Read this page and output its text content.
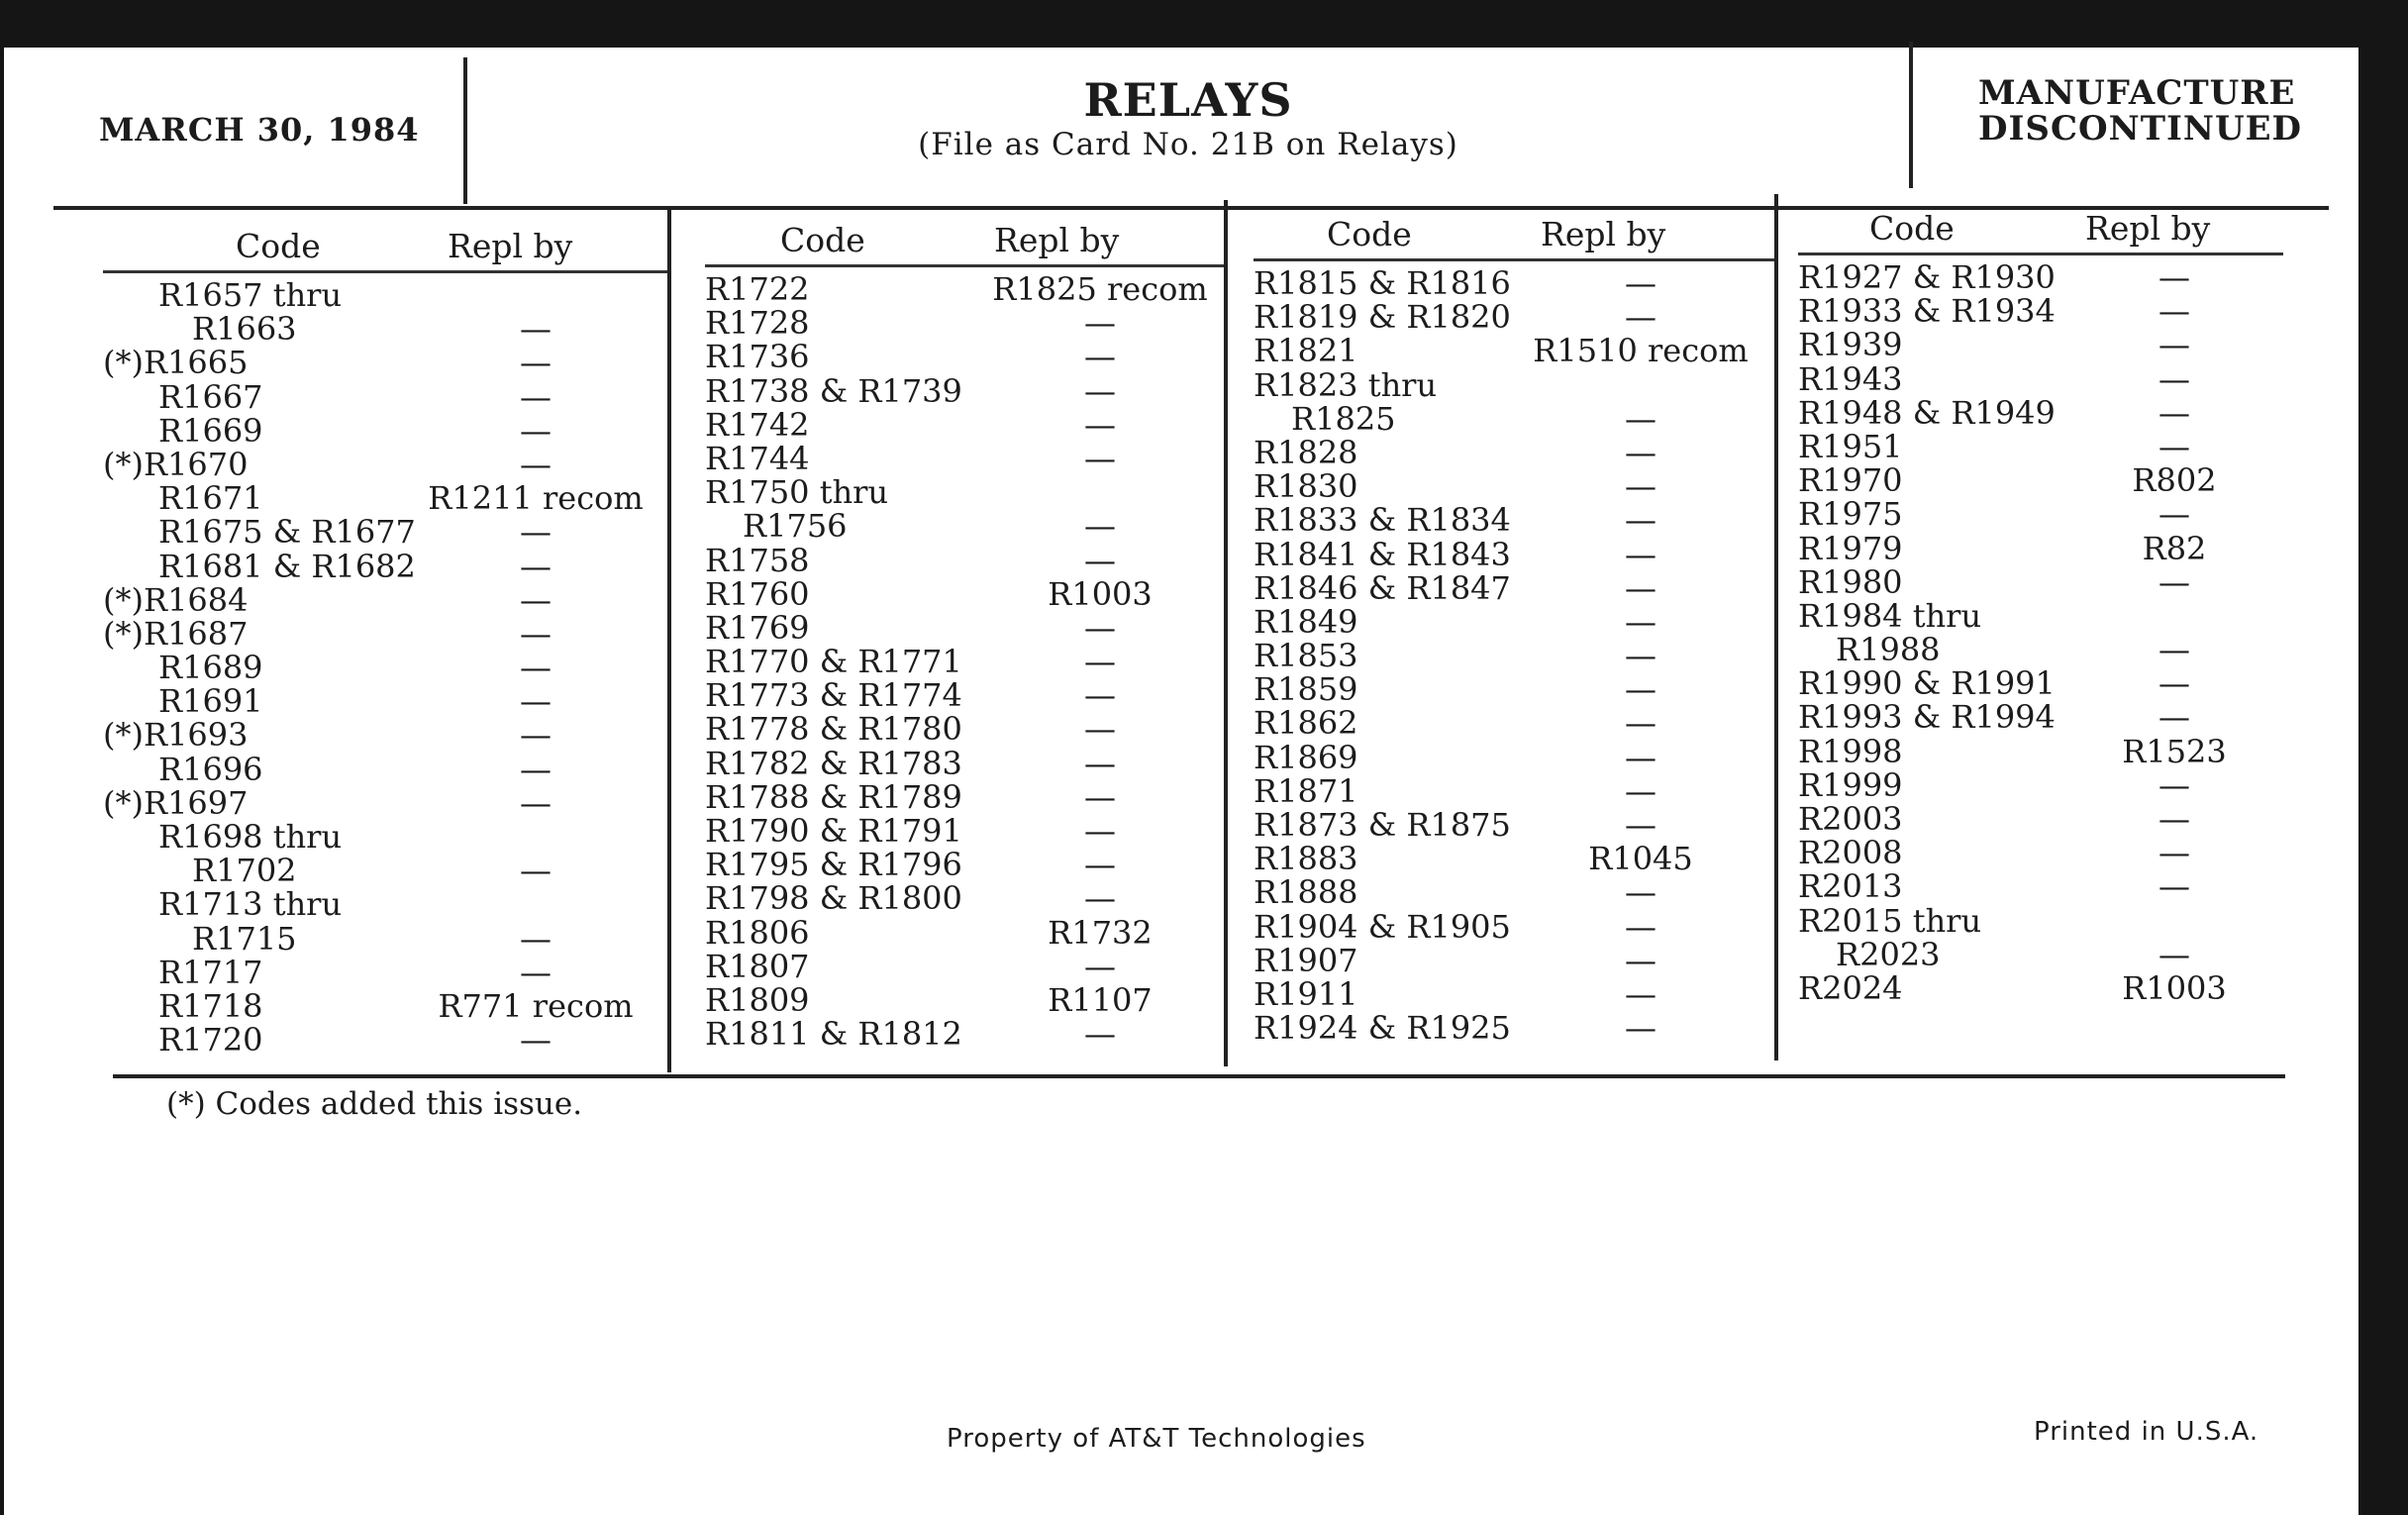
MARCH 30, 1984
RELAYS
(File as Card No. 21B on Relays)
MANUFACTURE
DISCONTINUED
Code	Repl by
R1657 thru
R1663	—
(*)R1665	—
R1667	—
R1669	—
(*)R1670	—
R1671	R1211 recom
R1675 & R1677	—
R1681 & R1682	—
(*)R1684	—
(*)R1687	—
R1689	—
R1691	—
(*)R1693	—
R1696	—
(*)R1697	—
R1698 thru
R1702	—
R1713 thru
R1715	—
R1717	—
R1718	R771 recom
R1720	—
Code	Repl by
R1722	R1825 recom
R1728	—
R1736	—
R1738 & R1739	—
R1742	—
R1744	—
R1750 thru
R1756	—
R1758	—
R1760	R1003
R1769	—
R1770 & R1771	—
R1773 & R1774	—
R1778 & R1780	—
R1782 & R1783	—
R1788 & R1789	—
R1790 & R1791	—
R1795 & R1796	—
R1798 & R1800	—
R1806	R1732
R1807	—
R1809	R1107
R1811 & R1812	—
Code	Repl by
R1815 & R1816	—
R1819 & R1820	—
R1821	R1510 recom
R1823 thru
R1825	—
R1828	—
R1830	—
R1833 & R1834	—
R1841 & R1843	—
R1846 & R1847	—
R1849	—
R1853	—
R1859	—
R1862	—
R1869	—
R1871	—
R1873 & R1875	—
R1883	R1045
R1888	—
R1904 & R1905	—
R1907	—
R1911	—
R1924 & R1925	—
Code	Repl by
R1927 & R1930	—
R1933 & R1934	—
R1939	—
R1943	—
R1948 & R1949	—
R1951	—
R1970	R802
R1975	—
R1979	R82
R1980	—
R1984 thru
R1988	—
R1990 & R1991	—
R1993 & R1994	—
R1998	R1523
R1999	—
R2003	—
R2008	—
R2013	—
R2015 thru
R2023	—
R2024	R1003
(*) Codes added this issue.
Property of AT&T Technologies	Printed in U.S.A.
